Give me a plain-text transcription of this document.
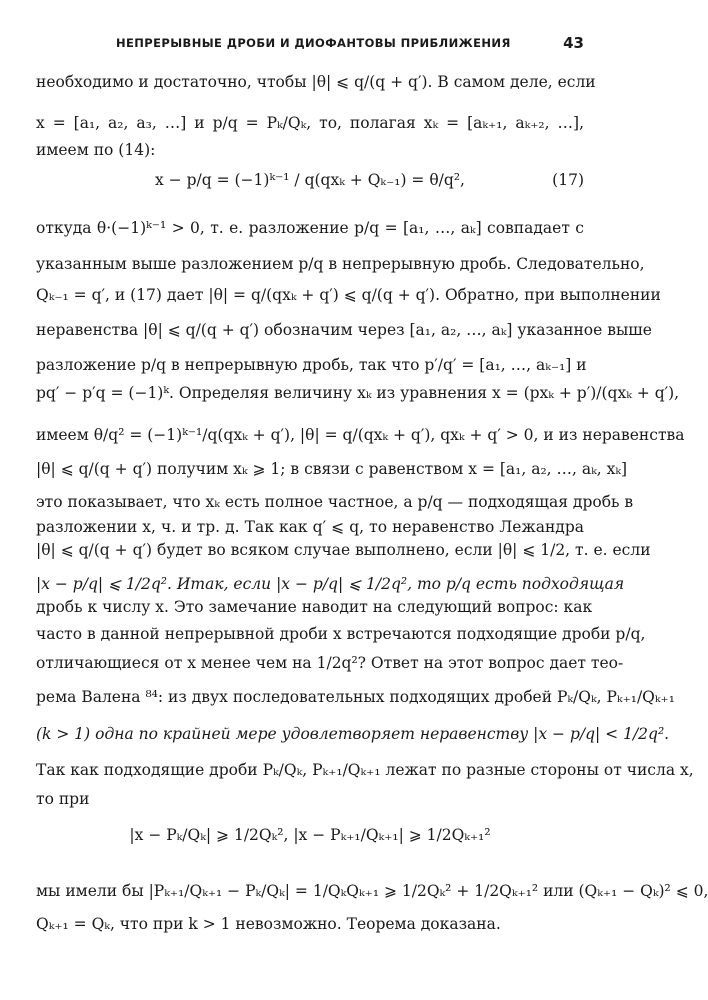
НЕПРЕРЫВНЫЕ ДРОБИ И ДИОФАНТОВЫ ПРИБЛИЖЕНИЯ	43
необходимо и достаточно, чтобы |θ| ⩽ q/(q + q′). В самом деле, если
x = [a₁, a₂, a₃, …] и p/q = Pₖ/Qₖ, то, полагая xₖ = [aₖ₊₁, aₖ₊₂, …],
имеем по (14):
x − p/q = (−1)ᵏ⁻¹ / q(qxₖ + Qₖ₋₁) = θ/q²,	(17)
откуда θ·(−1)ᵏ⁻¹ > 0, т. е. разложение p/q = [a₁, …, aₖ] совпадает с
указанным выше разложением p/q в непрерывную дробь. Следовательно,
Qₖ₋₁ = q′, и (17) дает |θ| = q/(qxₖ + q′) ⩽ q/(q + q′). Обратно, при выполнении
неравенства |θ| ⩽ q/(q + q′) обозначим через [a₁, a₂, …, aₖ] указанное выше
разложение p/q в непрерывную дробь, так что p′/q′ = [a₁, …, aₖ₋₁] и
pq′ − p′q = (−1)ᵏ. Определяя величину xₖ из уравнения x = (pxₖ + p′)/(qxₖ + q′),
имеем θ/q² = (−1)ᵏ⁻¹/q(qxₖ + q′), |θ| = q/(qxₖ + q′), qxₖ + q′ > 0, и из неравенства
|θ| ⩽ q/(q + q′) получим xₖ ⩾ 1; в связи с равенством x = [a₁, a₂, …, aₖ, xₖ]
это показывает, что xₖ есть полное частное, а p/q — подходящая дробь в
разложении x, ч. и тр. д. Так как q′ ⩽ q, то неравенство Лежандра
|θ| ⩽ q/(q + q′) будет во всяком случае выполнено, если |θ| ⩽ 1/2, т. е. если
|x − p/q| ⩽ 1/2q². Итак, если |x − p/q| ⩽ 1/2q², то p/q есть подходящая
дробь к числу x. Это замечание наводит на следующий вопрос: как
часто в данной непрерывной дроби x встречаются подходящие дроби p/q,
отличающиеся от x менее чем на 1/2q²? Ответ на этот вопрос дает тео-
рема Валена ⁸⁴: из двух последовательных подходящих дробей Pₖ/Qₖ, Pₖ₊₁/Qₖ₊₁
(k > 1) одна по крайней мере удовлетворяет неравенству |x − p/q| < 1/2q².
Так как подходящие дроби Pₖ/Qₖ, Pₖ₊₁/Qₖ₊₁ лежат по разные стороны от числа x,
то при
|x − Pₖ/Qₖ| ⩾ 1/2Qₖ², |x − Pₖ₊₁/Qₖ₊₁| ⩾ 1/2Qₖ₊₁²
мы имели бы |Pₖ₊₁/Qₖ₊₁ − Pₖ/Qₖ| = 1/QₖQₖ₊₁ ⩾ 1/2Qₖ² + 1/2Qₖ₊₁² или (Qₖ₊₁ − Qₖ)² ⩽ 0,
Qₖ₊₁ = Qₖ, что при k > 1 невозможно. Теорема доказана.
